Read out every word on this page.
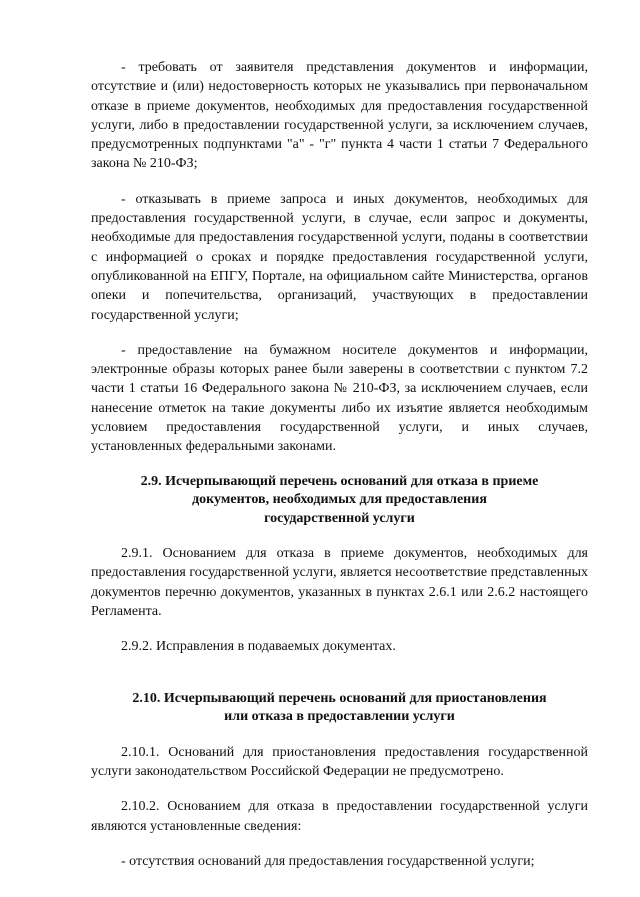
- требовать от заявителя представления документов и информации, отсутствие и (или) недостоверность которых не указывались при первоначальном отказе в приеме документов, необходимых для предоставления государственной услуги, либо в предоставлении государственной услуги, за исключением случаев, предусмотренных подпунктами "а" - "г" пункта 4 части 1 статьи 7 Федерального закона № 210-ФЗ;

- отказывать в приеме запроса и иных документов, необходимых для предоставления государственной услуги, в случае, если запрос и документы, необходимые для предоставления государственной услуги, поданы в соответствии с информацией о сроках и порядке предоставления государственной услуги, опубликованной на ЕПГУ, Портале, на официальном сайте Министерства, органов опеки и попечительства, организаций, участвующих в предоставлении государственной услуги;

- предоставление на бумажном носителе документов и информации, электронные образы которых ранее были заверены в соответствии с пунктом 7.2 части 1 статьи 16 Федерального закона № 210-ФЗ, за исключением случаев, если нанесение отметок на такие документы либо их изъятие является необходимым условием предоставления государственной услуги, и иных случаев, установленных федеральными законами.

2.9. Исчерпывающий перечень оснований для отказа в приеме
документов, необходимых для предоставления
государственной услуги

2.9.1. Основанием для отказа в приеме документов, необходимых для предоставления государственной услуги, является несоответствие представленных документов перечню документов, указанных в пунктах 2.6.1 или 2.6.2 настоящего Регламента.

2.9.2. Исправления в подаваемых документах.

2.10. Исчерпывающий перечень оснований для приостановления
или отказа в предоставлении услуги

2.10.1. Оснований для приостановления предоставления государственной услуги законодательством Российской Федерации не предусмотрено.

2.10.2. Основанием для отказа в предоставлении государственной услуги являются установленные сведения:

- отсутствия оснований для предоставления государственной услуги;
